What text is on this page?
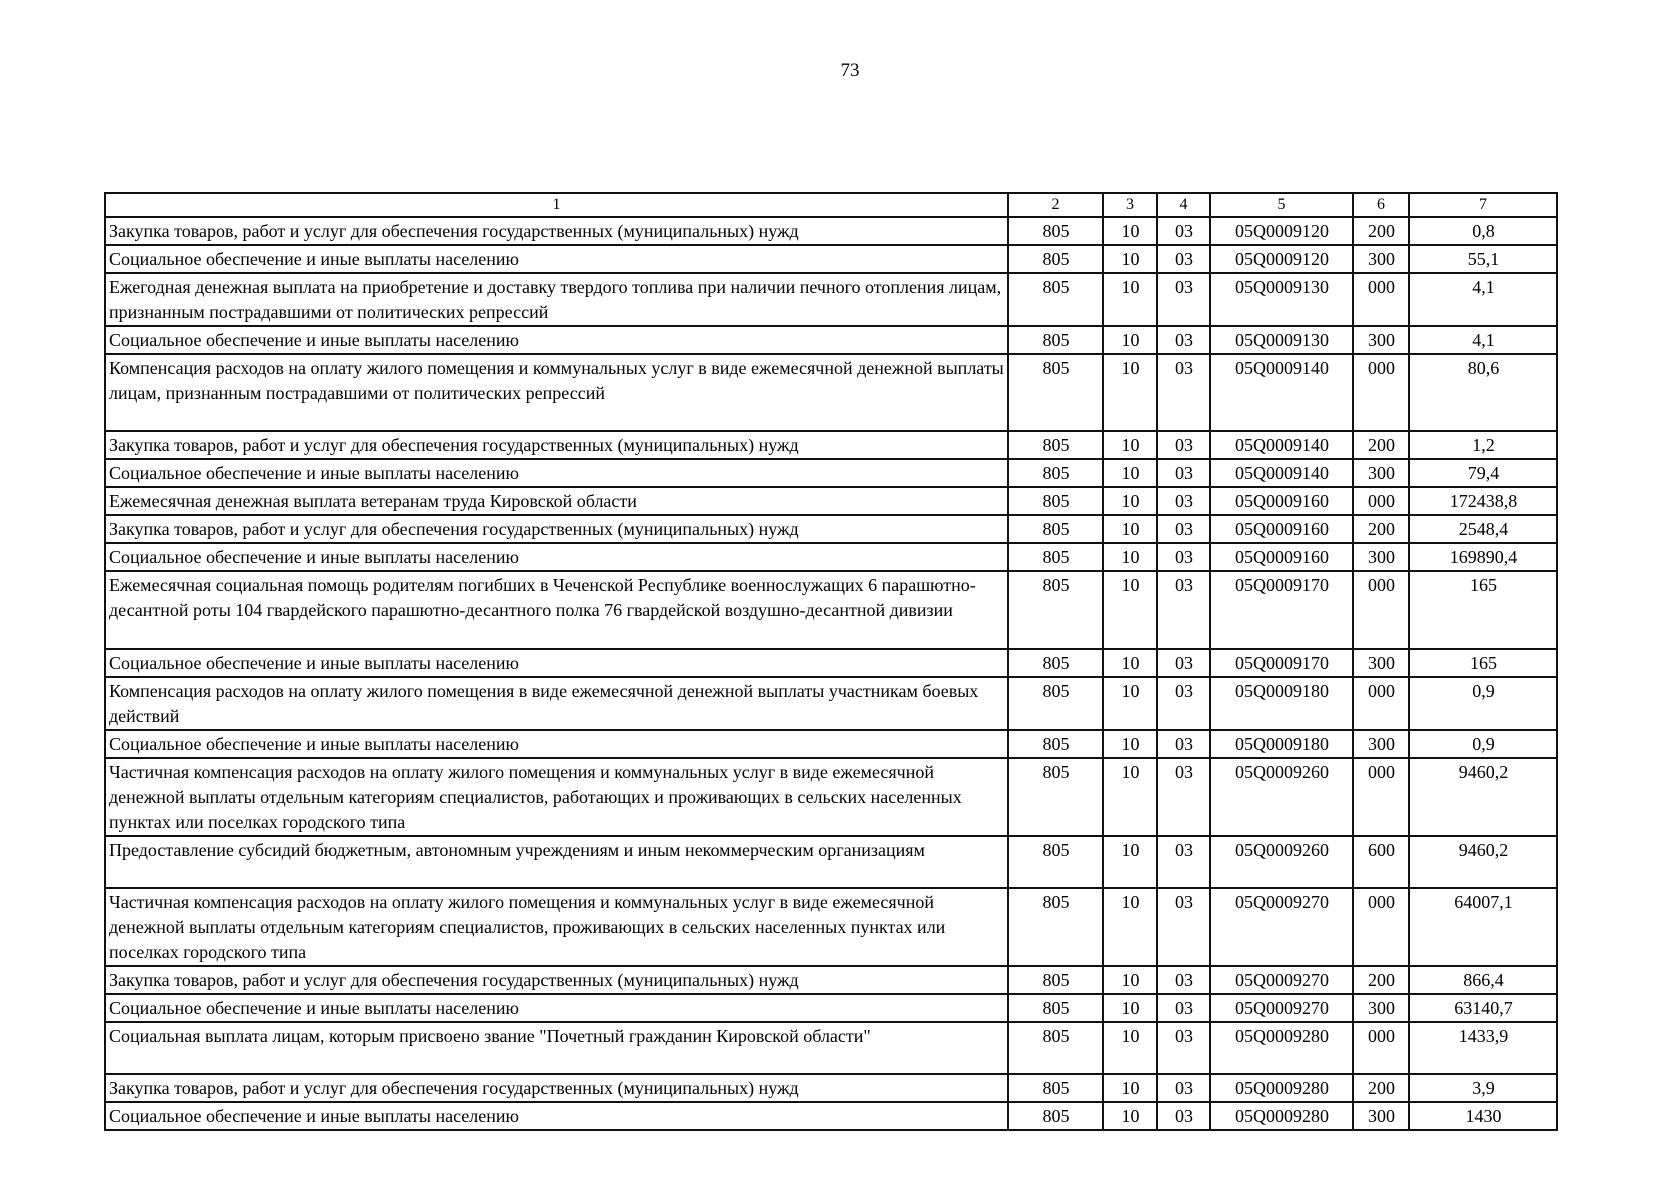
73
1	2	3	4	5	6	7
Закупка товаров, работ и услуг для обеспечения государственных (муниципальных) нужд	805	10	03	05Q0009120	200	0,8
Социальное обеспечение и иные выплаты населению	805	10	03	05Q0009120	300	55,1
Ежегодная денежная выплата на приобретение и доставку твердого топлива при наличии печного отопления лицам, признанным пострадавшими от политических репрессий	805	10	03	05Q0009130	000	4,1
Социальное обеспечение и иные выплаты населению	805	10	03	05Q0009130	300	4,1
Компенсация расходов на оплату жилого помещения и коммунальных услуг в виде ежемесячной денежной выплаты лицам, признанным пострадавшими от политических репрессий	805	10	03	05Q0009140	000	80,6
Закупка товаров, работ и услуг для обеспечения государственных (муниципальных) нужд	805	10	03	05Q0009140	200	1,2
Социальное обеспечение и иные выплаты населению	805	10	03	05Q0009140	300	79,4
Ежемесячная денежная выплата ветеранам труда Кировской области	805	10	03	05Q0009160	000	172438,8
Закупка товаров, работ и услуг для обеспечения государственных (муниципальных) нужд	805	10	03	05Q0009160	200	2548,4
Социальное обеспечение и иные выплаты населению	805	10	03	05Q0009160	300	169890,4
Ежемесячная социальная помощь родителям погибших в Чеченской Республике военнослужащих 6 парашютно-десантной роты 104 гвардейского парашютно-десантного полка 76 гвардейской воздушно-десантной дивизии	805	10	03	05Q0009170	000	165
Социальное обеспечение и иные выплаты населению	805	10	03	05Q0009170	300	165
Компенсация расходов на оплату жилого помещения в виде ежемесячной денежной выплаты участникам боевых действий	805	10	03	05Q0009180	000	0,9
Социальное обеспечение и иные выплаты населению	805	10	03	05Q0009180	300	0,9
Частичная компенсация расходов на оплату жилого помещения и коммунальных услуг в виде ежемесячной денежной выплаты отдельным категориям специалистов, работающих и проживающих в сельских населенных пунктах или поселках городского типа	805	10	03	05Q0009260	000	9460,2
Предоставление субсидий бюджетным, автономным учреждениям и иным некоммерческим организациям	805	10	03	05Q0009260	600	9460,2
Частичная компенсация расходов на оплату жилого помещения и коммунальных услуг в виде ежемесячной денежной выплаты отдельным категориям специалистов, проживающих в сельских населенных пунктах или поселках городского типа	805	10	03	05Q0009270	000	64007,1
Закупка товаров, работ и услуг для обеспечения государственных (муниципальных) нужд	805	10	03	05Q0009270	200	866,4
Социальное обеспечение и иные выплаты населению	805	10	03	05Q0009270	300	63140,7
Социальная выплата лицам, которым присвоено звание "Почетный гражданин Кировской области"	805	10	03	05Q0009280	000	1433,9
Закупка товаров, работ и услуг для обеспечения государственных (муниципальных) нужд	805	10	03	05Q0009280	200	3,9
Социальное обеспечение и иные выплаты населению	805	10	03	05Q0009280	300	1430
